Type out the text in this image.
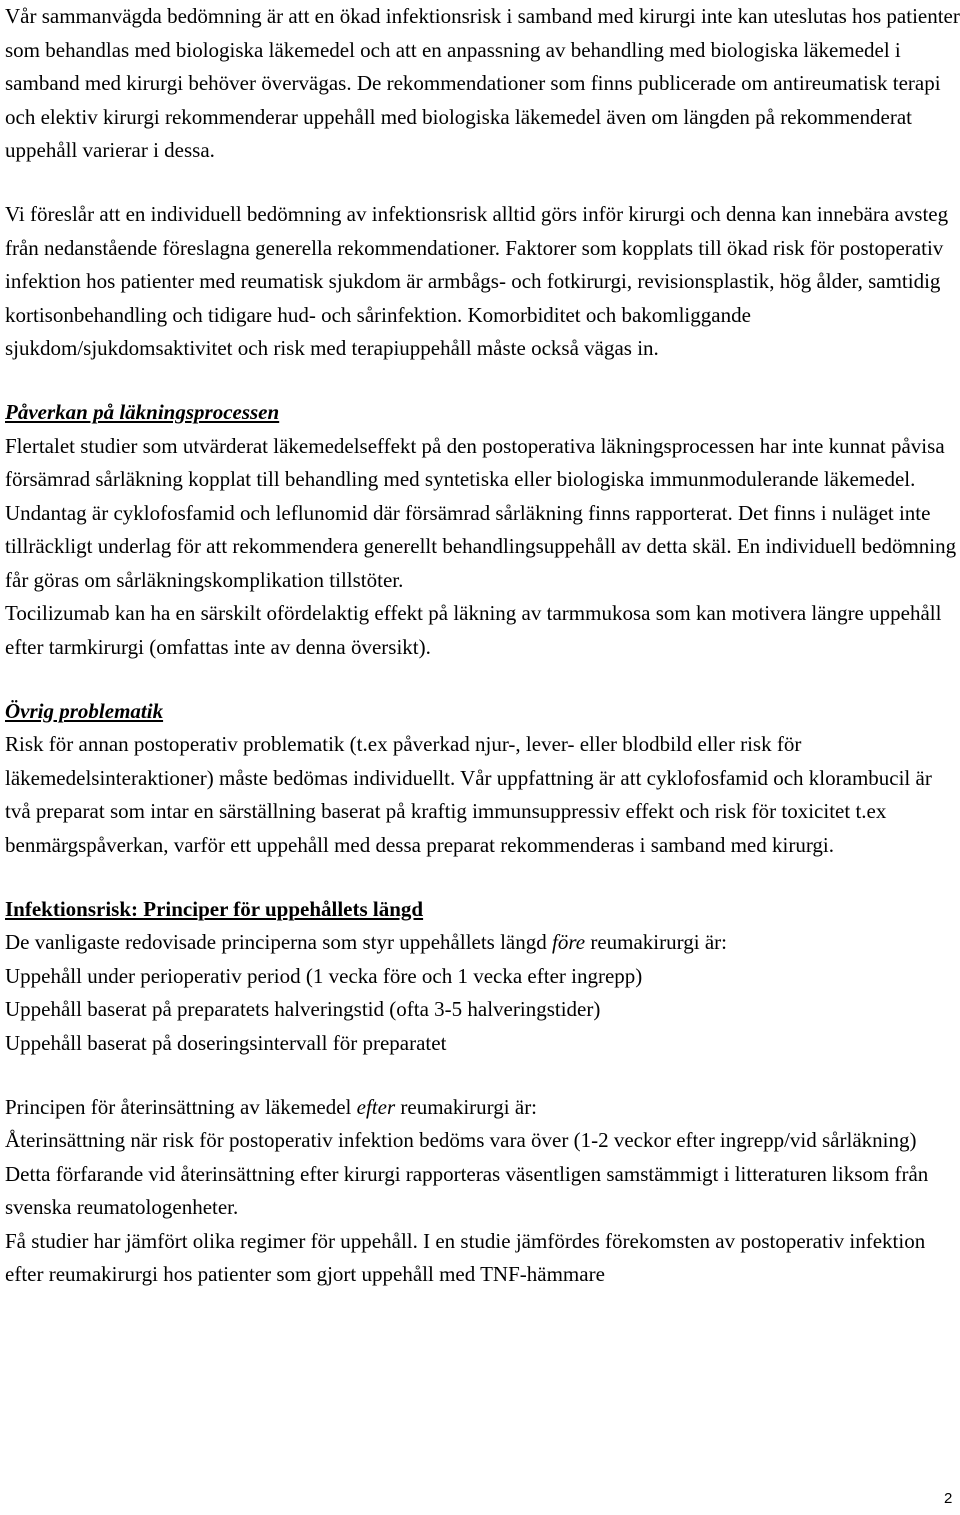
Vår sammanvägda bedömning är att en ökad infektionsrisk i samband med kirurgi inte kan uteslutas hos patienter som behandlas med biologiska läkemedel och att en anpassning av behandling med biologiska läkemedel i samband med kirurgi behöver övervägas. De rekommendationer som finns publicerade om antireumatisk terapi och elektiv kirurgi rekommenderar uppehåll med biologiska läkemedel även om längden på rekommenderat uppehåll varierar i dessa.

Vi föreslår att en individuell bedömning av infektionsrisk alltid görs inför kirurgi och denna kan innebära avsteg från nedanstående föreslagna generella rekommendationer. Faktorer som kopplats till ökad risk för postoperativ infektion hos patienter med reumatisk sjukdom är armbågs- och fotkirurgi, revisionsplastik, hög ålder, samtidig kortisonbehandling och tidigare hud- och sårinfektion. Komorbiditet och bakomliggande sjukdom/sjukdomsaktivitet och risk med terapiuppehåll måste också vägas in.

Påverkan på läkningsprocessen

Flertalet studier som utvärderat läkemedelseffekt på den postoperativa läkningsprocessen har inte kunnat påvisa försämrad sårläkning kopplat till behandling med syntetiska eller biologiska immunmodulerande läkemedel. Undantag är cyklofosfamid och leflunomid där försämrad sårläkning finns rapporterat. Det finns i nuläget inte tillräckligt underlag för att rekommendera generellt behandlingsuppehåll av detta skäl. En individuell bedömning får göras om sårläkningskomplikation tillstöter.

Tocilizumab kan ha en särskilt ofördelaktig effekt på läkning av tarmmukosa som kan motivera längre uppehåll efter tarmkirurgi (omfattas inte av denna översikt).

Övrig problematik

Risk för annan postoperativ problematik (t.ex påverkad njur-, lever- eller blodbild eller risk för läkemedelsinteraktioner) måste bedömas individuellt. Vår uppfattning är att cyklofosfamid och klorambucil är två preparat som intar en särställning baserat på kraftig immunsuppressiv effekt och risk för toxicitet t.ex benmärgspåverkan, varför ett uppehåll med dessa preparat rekommenderas i samband med kirurgi.

Infektionsrisk: Principer för uppehållets längd

De vanligaste redovisade principerna som styr uppehållets längd före reumakirurgi är:

Uppehåll under perioperativ period (1 vecka före och 1 vecka efter ingrepp)

Uppehåll baserat på preparatets halveringstid (ofta 3-5 halveringstider)

Uppehåll baserat på doseringsintervall för preparatet

Principen för återinsättning av läkemedel efter reumakirurgi är:

Återinsättning när risk för postoperativ infektion bedöms vara över (1-2 veckor efter ingrepp/vid sårläkning)

Detta förfarande vid återinsättning efter kirurgi rapporteras väsentligen samstämmigt i litteraturen liksom från svenska reumatologenheter.

Få studier har jämfört olika regimer för uppehåll. I en studie jämfördes förekomsten av postoperativ infektion efter reumakirurgi hos patienter som gjort uppehåll med TNF-hämmare

2
